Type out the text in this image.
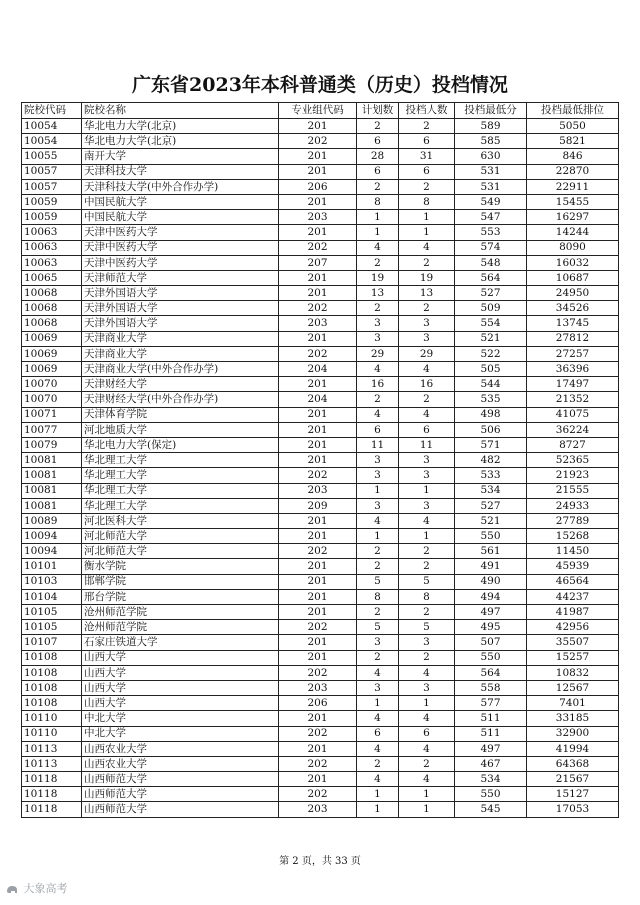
广东省2023年本科普通类（历史）投档情况
院校代码	院校名称	专业组代码	计划数	投档人数	投档最低分	投档最低排位
10054	华北电力大学(北京)	201	2	2	589	5050
10054	华北电力大学(北京)	202	6	6	585	5821
10055	南开大学	201	28	31	630	846
10057	天津科技大学	201	6	6	531	22870
10057	天津科技大学(中外合作办学)	206	2	2	531	22911
10059	中国民航大学	201	8	8	549	15455
10059	中国民航大学	203	1	1	547	16297
10063	天津中医药大学	201	1	1	553	14244
10063	天津中医药大学	202	4	4	574	8090
10063	天津中医药大学	207	2	2	548	16032
10065	天津师范大学	201	19	19	564	10687
10068	天津外国语大学	201	13	13	527	24950
10068	天津外国语大学	202	2	2	509	34526
10068	天津外国语大学	203	3	3	554	13745
10069	天津商业大学	201	3	3	521	27812
10069	天津商业大学	202	29	29	522	27257
10069	天津商业大学(中外合作办学)	204	4	4	505	36396
10070	天津财经大学	201	16	16	544	17497
10070	天津财经大学(中外合作办学)	204	2	2	535	21352
10071	天津体育学院	201	4	4	498	41075
10077	河北地质大学	201	6	6	506	36224
10079	华北电力大学(保定)	201	11	11	571	8727
10081	华北理工大学	201	3	3	482	52365
10081	华北理工大学	202	3	3	533	21923
10081	华北理工大学	203	1	1	534	21555
10081	华北理工大学	209	3	3	527	24933
10089	河北医科大学	201	4	4	521	27789
10094	河北师范大学	201	1	1	550	15268
10094	河北师范大学	202	2	2	561	11450
10101	衡水学院	201	2	2	491	45939
10103	邯郸学院	201	5	5	490	46564
10104	邢台学院	201	8	8	494	44237
10105	沧州师范学院	201	2	2	497	41987
10105	沧州师范学院	202	5	5	495	42956
10107	石家庄铁道大学	201	3	3	507	35507
10108	山西大学	201	2	2	550	15257
10108	山西大学	202	4	4	564	10832
10108	山西大学	203	3	3	558	12567
10108	山西大学	206	1	1	577	7401
10110	中北大学	201	4	4	511	33185
10110	中北大学	202	6	6	511	32900
10113	山西农业大学	201	4	4	497	41994
10113	山西农业大学	202	2	2	467	64368
10118	山西师范大学	201	4	4	534	21567
10118	山西师范大学	202	1	1	550	15127
10118	山西师范大学	203	1	1	545	17053
第 2 页，共 33 页
大象高考
